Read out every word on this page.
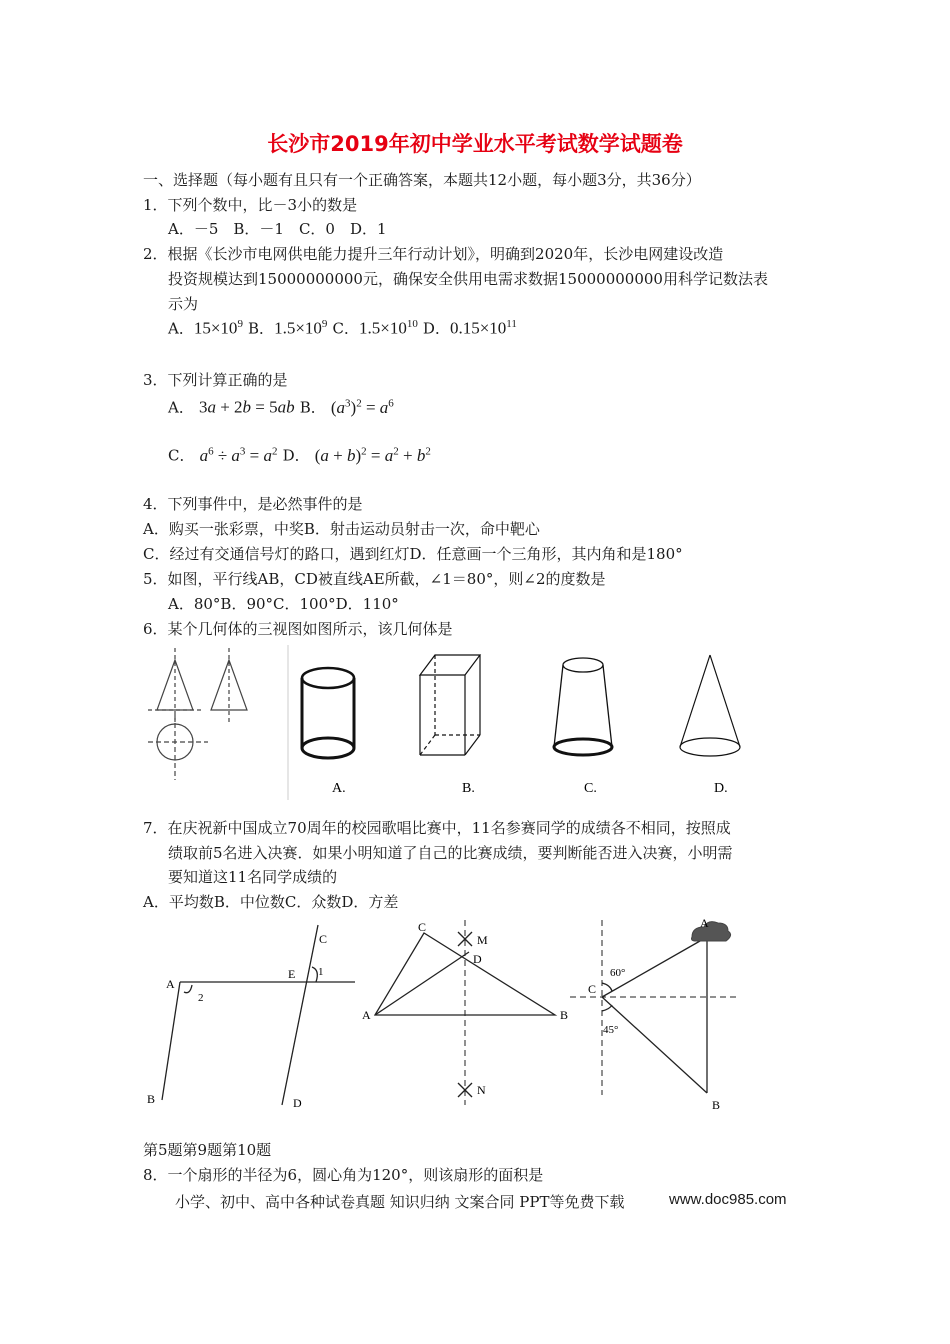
长沙市2019年初中学业水平考试数学试题卷
一、选择题（每小题有且只有一个正确答案，本题共12小题，每小题3分，共36分）
1．下列个数中，比－3小的数是
A．－5　B．－1　C．0　D．1
2．根据《长沙市电网供电能力提升三年行动计划》，明确到2020年，长沙电网建设改造
投资规模达到15000000000元，确保安全供用电需求数据15000000000用科学记数法表
示为
A．$15\times 10^9$ B．$1.5\times 10^9$ C．$1.5\times 10^{10}$ D．$0.15\times 10^{11}$
3．下列计算正确的是
A． 3a + 2b = 5ab B． $(a^3)^2 = a^6$
C． $a^6 \div a^3 = a^2$ D． $(a + b)^2 = a^2 + b^2$
4．下列事件中，是必然事件的是
A．购买一张彩票，中奖B．射击运动员射击一次，命中靶心
C．经过有交通信号灯的路口，遇到红灯D．任意画一个三角形，其内角和是180°
5．如图，平行线AB，CD被直线AE所截，∠1＝80°，则∠2的度数是
A．80°B．90°C．100°D．110°
6．某个几何体的三视图如图所示，该几何体是
A.	B.	C.	D.
7．在庆祝新中国成立70周年的校园歌唱比赛中，11名参赛同学的成绩各不相同，按照成
绩取前5名进入决赛．如果小明知道了自己的比赛成绩，要判断能否进入决赛，小明需
要知道这11名同学成绩的
A．平均数B．中位数C．众数D．方差
A
B
C
D
E 1
2
A	B
C
D
M
N
A
B
C
60°
45°
第5题第9题第10题
8．一个扇形的半径为6，圆心角为120°，则该扇形的面积是
小学、初中、高中各种试卷真题 知识归纳 文案合同 PPT等免费下载	www.doc985.com
